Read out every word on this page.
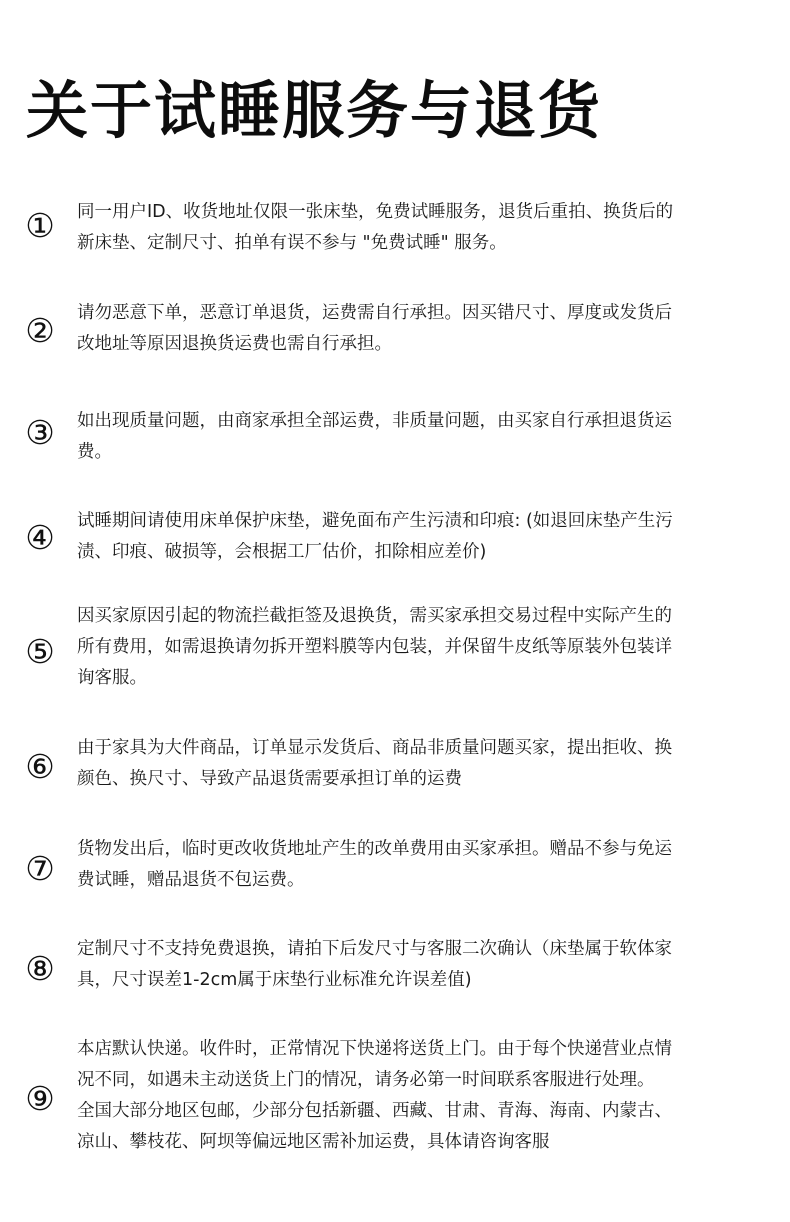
关于试睡服务与退货
① 同一用户ID、收货地址仅限一张床垫，免费试睡服务，退货后重拍、换货后的
新床垫、定制尺寸、拍单有误不参与 "免费试睡" 服务。

② 请勿恶意下单，恶意订单退货，运费需自行承担。因买错尺寸、厚度或发货后
改地址等原因退换货运费也需自行承担。

③ 如出现质量问题，由商家承担全部运费，非质量问题，由买家自行承担退货运
费。

④ 试睡期间请使用床单保护床垫，避免面布产生污渍和印痕: (如退回床垫产生污
渍、印痕、破损等，会根据工厂估价，扣除相应差价)

⑤

因买家原因引起的物流拦截拒签及退换货，需买家承担交易过程中实际产生的
所有费用，如需退换请勿拆开塑料膜等内包装，并保留牛皮纸等原装外包装详
询客服。

⑥ 由于家具为大件商品，订单显示发货后、商品非质量问题买家，提出拒收、换
颜色、换尺寸、导致产品退货需要承担订单的运费

⑦ 货物发出后，临时更改收货地址产生的改单费用由买家承担。赠品不参与免运
费试睡，赠品退货不包运费。

⑧ 定制尺寸不支持免费退换，请拍下后发尺寸与客服二次确认（床垫属于软体家
具，尺寸误差1-2cm属于床垫行业标准允许误差值)

⑨

本店默认快递。收件时，正常情况下快递将送货上门。由于每个快递营业点情
况不同，如遇未主动送货上门的情况，请务必第一时间联系客服进行处理。
全国大部分地区包邮，少部分包括新疆、西藏、甘肃、青海、海南、内蒙古、
凉山、攀枝花、阿坝等偏远地区需补加运费，具体请咨询客服
